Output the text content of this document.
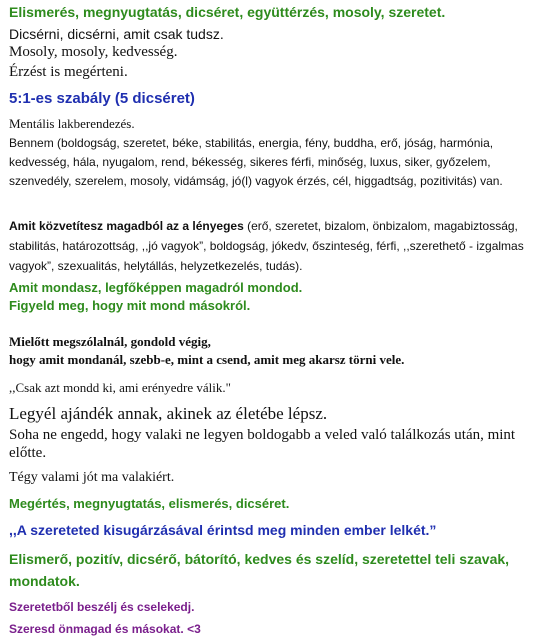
Elismerés, megnyugtatás, dicséret, együttérzés, mosoly, szeretet.
Dicsérni, dicsérni, amit csak tudsz.
Mosoly, mosoly, kedvesség.
Érzést is megérteni.
5:1-es szabály (5 dicséret)
Mentális lakberendezés.
Bennem (boldogság, szeretet, béke, stabilitás, energia, fény, buddha, erő, jóság, harmónia, kedvesség, hála, nyugalom, rend, békesség, sikeres férfi, minőség, luxus, siker, győzelem, szenvedély, szerelem, mosoly, vidámság, jó(l) vagyok érzés, cél, higgadtság, pozitivitás) van.
Amit közvetítesz magadból az a lényeges (erő, szeretet, bizalom, önbizalom, magabiztosság, stabilitás, határozottság, ,,jó vagyok”, boldogság, jókedv, őszinteség, férfi, ,,szerethető - izgalmas vagyok”, szexualitás, helytállás, helyzetkezelés, tudás).
Amit mondasz, legfőképpen magadról mondod.
Figyeld meg, hogy mit mond másokról.
Mielőtt megszólalnál, gondold végig,
hogy amit mondanál, szebb-e, mint a csend, amit meg akarsz törni vele.
,,Csak azt mondd ki, ami erényedre válik."
Legyél ajándék annak, akinek az életébe lépsz.
Soha ne engedd, hogy valaki ne legyen boldogabb a veled való találkozás után, mint előtte.
Tégy valami jót ma valakiért.
Megértés, megnyugtatás, elismerés, dicséret.
,,A szereteted kisugárzásával érintsd meg minden ember lelkét.”
Elismerő, pozitív, dicsérő, bátorító, kedves és szelíd, szeretettel teli szavak, mondatok.
Szeretetből beszélj és cselekedj.
Szeresd önmagad és másokat. <3
